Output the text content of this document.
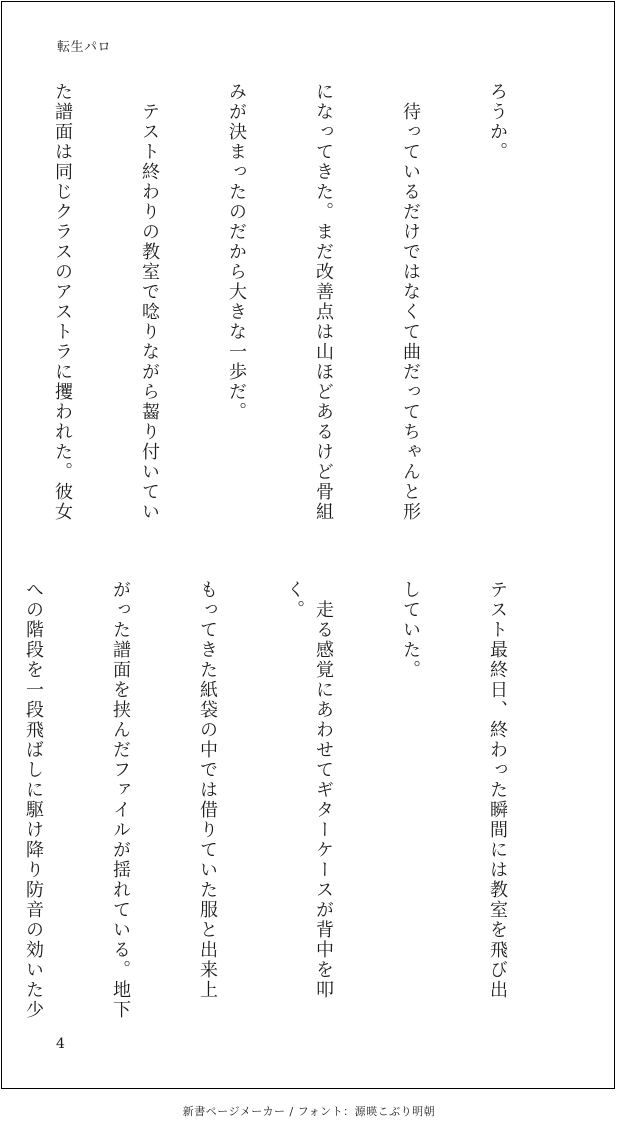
転生パロ

ろうか。

　待っているだけではなくて曲だってちゃんと形

になってきた。まだ改善点は山ほどあるけど骨組

みが決まったのだから大きな一歩だ。

　テスト終わりの教室で唸りながら齧り付いてい

た譜面は同じクラスのアストラに攫われた。彼女

テスト最終日、終わった瞬間には教室を飛び出

していた。

　走る感覚にあわせてギターケースが背中を叩く。

もってきた紙袋の中では借りていた服と出来上

がった譜面を挟んだファイルが揺れている。地下

への階段を一段飛ばしに駆け降り防音の効いた少

4
新書ページメーカー / フォント：源暎こぶり明朝
